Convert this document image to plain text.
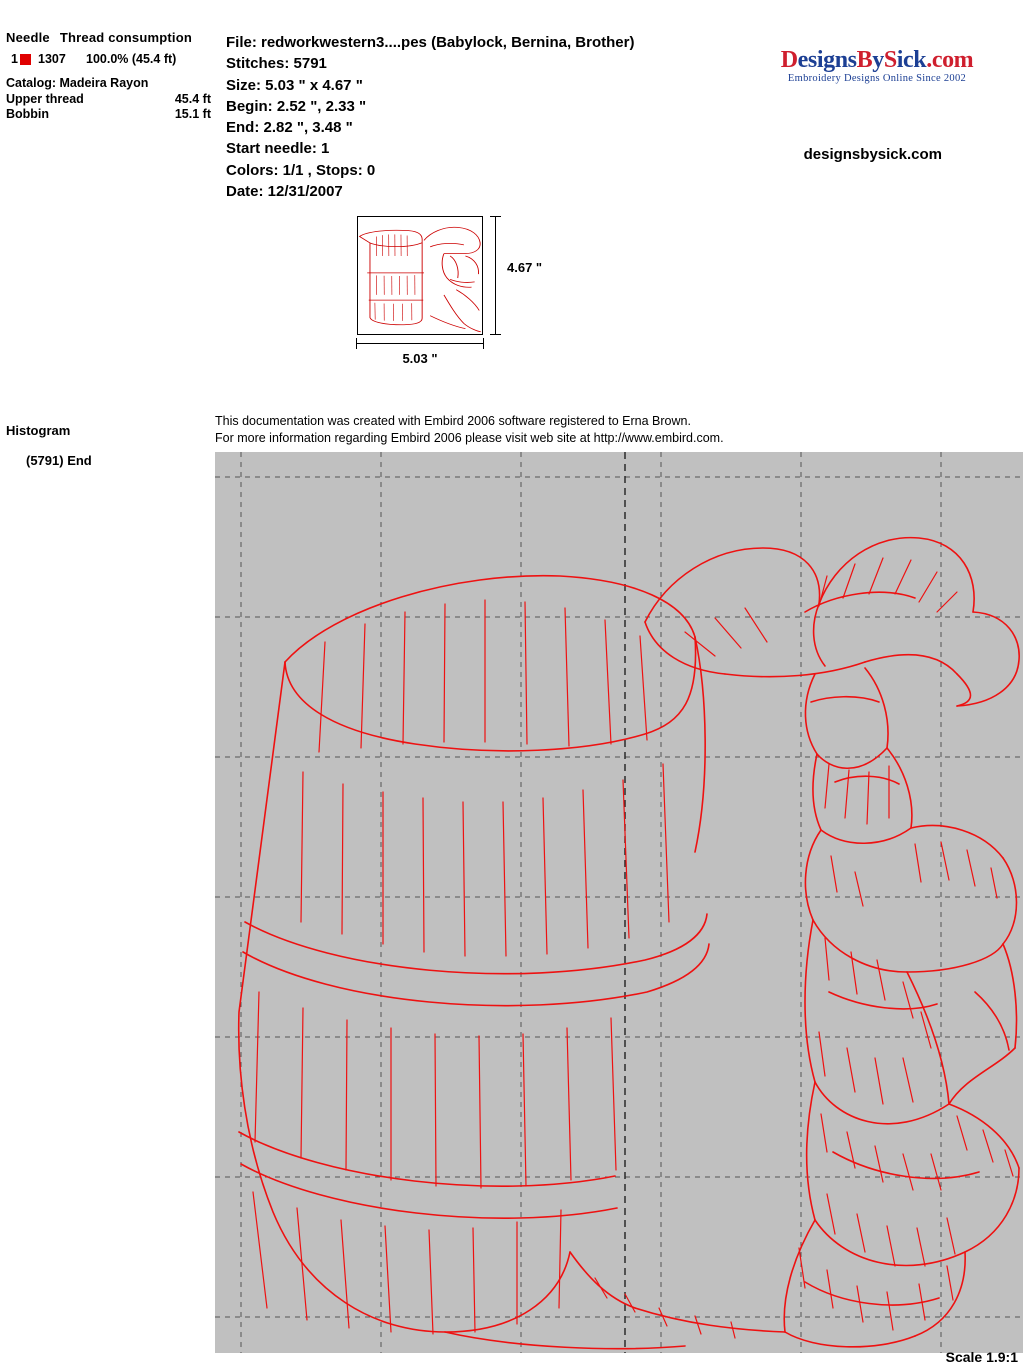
Needle Thread consumption
1 1307	100.0% (45.4 ft)
Catalog: Madeira Rayon
Upper thread	45.4 ft
Bobbin	15.1 ft
File: redworkwestern3....pes (Babylock, Bernina, Brother)
Stitches: 5791
Size: 5.03 " x 4.67 "
Begin: 2.52 ", 2.33 "
End: 2.82 ", 3.48 "
Start needle: 1
Colors: 1/1 , Stops: 0
Date: 12/31/2007
DesignsBySick.com
Embroidery Designs Online Since 2002
designsbysick.com
4.67 "
5.03 "
Histogram
(5791) End
This documentation was created with Embird 2006 software registered to Erna Brown.
For more information regarding Embird 2006 please visit web site at http://www.embird.com.
Scale 1.9:1
